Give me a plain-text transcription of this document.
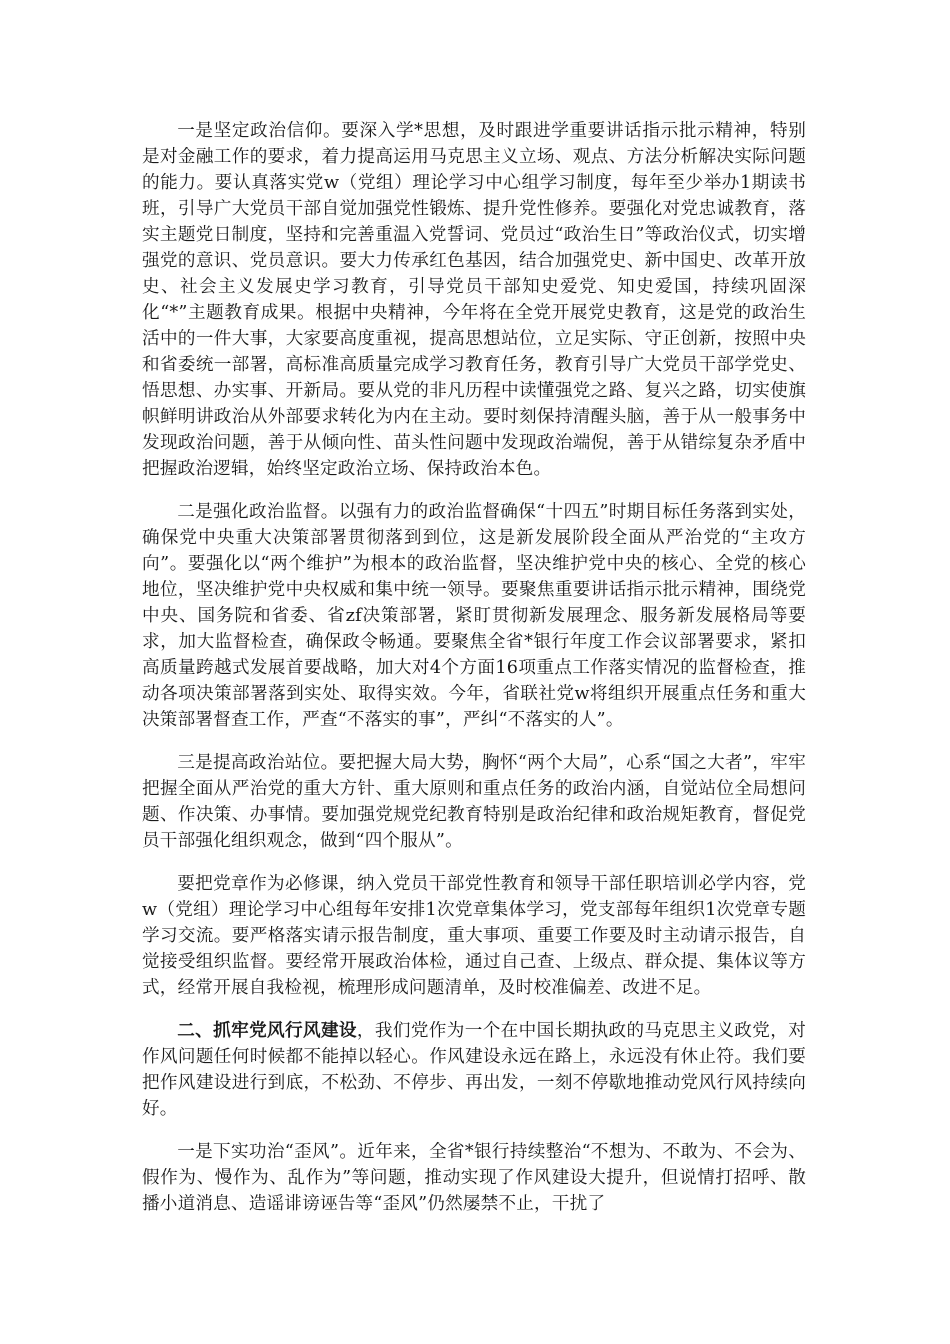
一是坚定政治信仰。要深入学*思想，及时跟进学重要讲话指示批示精神，特别是对金融工作的要求，着力提高运用马克思主义立场、观点、方法分析解决实际问题的能力。要认真落实党w（党组）理论学习中心组学习制度，每年至少举办1期读书班，引导广大党员干部自觉加强党性锻炼、提升党性修养。要强化对党忠诚教育，落实主题党日制度，坚持和完善重温入党誓词、党员过“政治生日”等政治仪式，切实增强党的意识、党员意识。要大力传承红色基因，结合加强党史、新中国史、改革开放史、社会主义发展史学习教育，引导党员干部知史爱党、知史爱国，持续巩固深化“*”主题教育成果。根据中央精神，今年将在全党开展党史教育，这是党的政治生活中的一件大事，大家要高度重视，提高思想站位，立足实际、守正创新，按照中央和省委统一部署，高标准高质量完成学习教育任务，教育引导广大党员干部学党史、悟思想、办实事、开新局。要从党的非凡历程中读懂强党之路、复兴之路，切实使旗帜鲜明讲政治从外部要求转化为内在主动。要时刻保持清醒头脑，善于从一般事务中发现政治问题，善于从倾向性、苗头性问题中发现政治端倪，善于从错综复杂矛盾中把握政治逻辑，始终坚定政治立场、保持政治本色。

二是强化政治监督。以强有力的政治监督确保“十四五”时期目标任务落到实处，确保党中央重大决策部署贯彻落到到位，这是新发展阶段全面从严治党的“主攻方向”。要强化以“两个维护”为根本的政治监督，坚决维护党中央的核心、全党的核心地位，坚决维护党中央权威和集中统一领导。要聚焦重要讲话指示批示精神，围绕党中央、国务院和省委、省zf决策部署，紧盯贯彻新发展理念、服务新发展格局等要求，加大监督检查，确保政令畅通。要聚焦全省*银行年度工作会议部署要求，紧扣高质量跨越式发展首要战略，加大对4个方面16项重点工作落实情况的监督检查，推动各项决策部署落到实处、取得实效。今年，省联社党w将组织开展重点任务和重大决策部署督查工作，严查“不落实的事”，严纠“不落实的人”。

三是提高政治站位。要把握大局大势，胸怀“两个大局”，心系“国之大者”，牢牢把握全面从严治党的重大方针、重大原则和重点任务的政治内涵，自觉站位全局想问题、作决策、办事情。要加强党规党纪教育特别是政治纪律和政治规矩教育，督促党员干部强化组织观念，做到“四个服从”。

要把党章作为必修课，纳入党员干部党性教育和领导干部任职培训必学内容，党w（党组）理论学习中心组每年安排1次党章集体学习，党支部每年组织1次党章专题学习交流。要严格落实请示报告制度，重大事项、重要工作要及时主动请示报告，自觉接受组织监督。要经常开展政治体检，通过自己查、上级点、群众提、集体议等方式，经常开展自我检视，梳理形成问题清单，及时校准偏差、改进不足。

二、抓牢党风行风建设，我们党作为一个在中国长期执政的马克思主义政党，对作风问题任何时候都不能掉以轻心。作风建设永远在路上，永远没有休止符。我们要把作风建设进行到底，不松劲、不停步、再出发，一刻不停歇地推动党风行风持续向好。

一是下实功治“歪风”。近年来，全省*银行持续整治“不想为、不敢为、不会为、假作为、慢作为、乱作为”等问题，推动实现了作风建设大提升，但说情打招呼、散播小道消息、造谣诽谤诬告等“歪风”仍然屡禁不止，干扰了
